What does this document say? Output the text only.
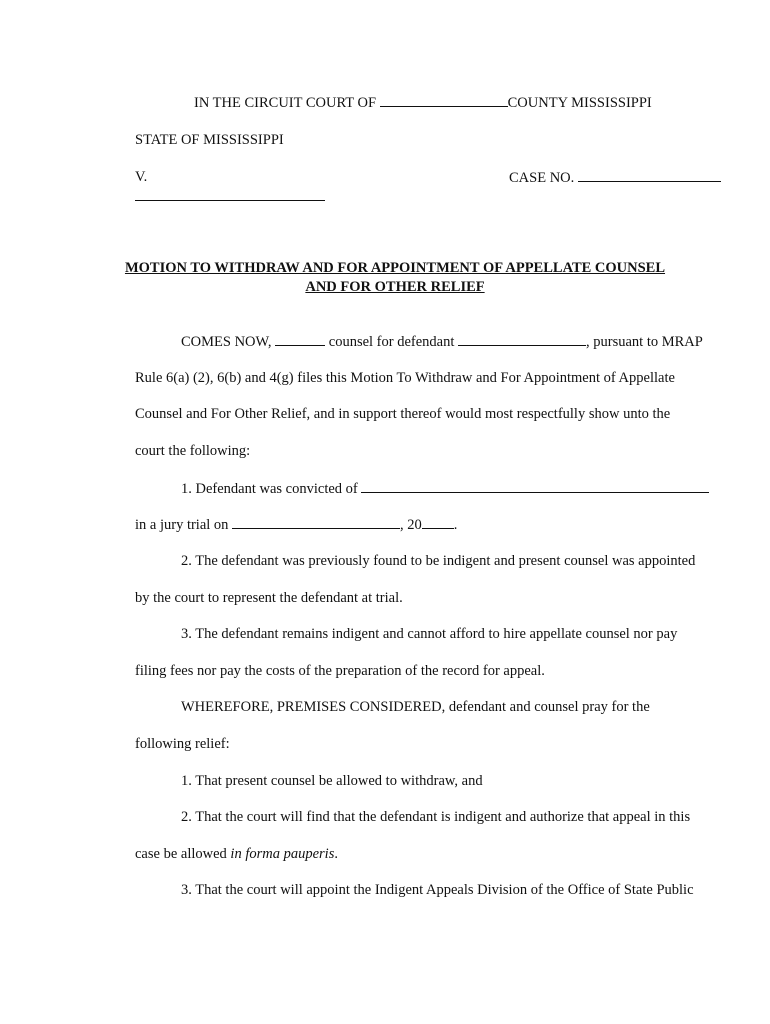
IN THE CIRCUIT COURT OF	COUNTY MISSISSIPPI
STATE OF MISSISSIPPI
V.	CASE NO.
MOTION TO WITHDRAW AND FOR APPOINTMENT OF APPELLATE COUNSEL
AND FOR OTHER RELIEF
COMES NOW,	counsel for defendant	, pursuant to MRAP
Rule 6(a) (2), 6(b) and 4(g) files this Motion To Withdraw and For Appointment of Appellate
Counsel and For Other Relief, and in support thereof would most respectfully show unto the
court the following:
1. Defendant was convicted of
in a jury trial on	, 20 .
2. The defendant was previously found to be indigent and present counsel was appointed
by the court to represent the defendant at trial.
3. The defendant remains indigent and cannot afford to hire appellate counsel nor pay
filing fees nor pay the costs of the preparation of the record for appeal.
WHEREFORE, PREMISES CONSIDERED, defendant and counsel pray for the
following relief:
1. That present counsel be allowed to withdraw, and
2. That the court will find that the defendant is indigent and authorize that appeal in this
case be allowed in forma pauperis.
3. That the court will appoint the Indigent Appeals Division of the Office of State Public
